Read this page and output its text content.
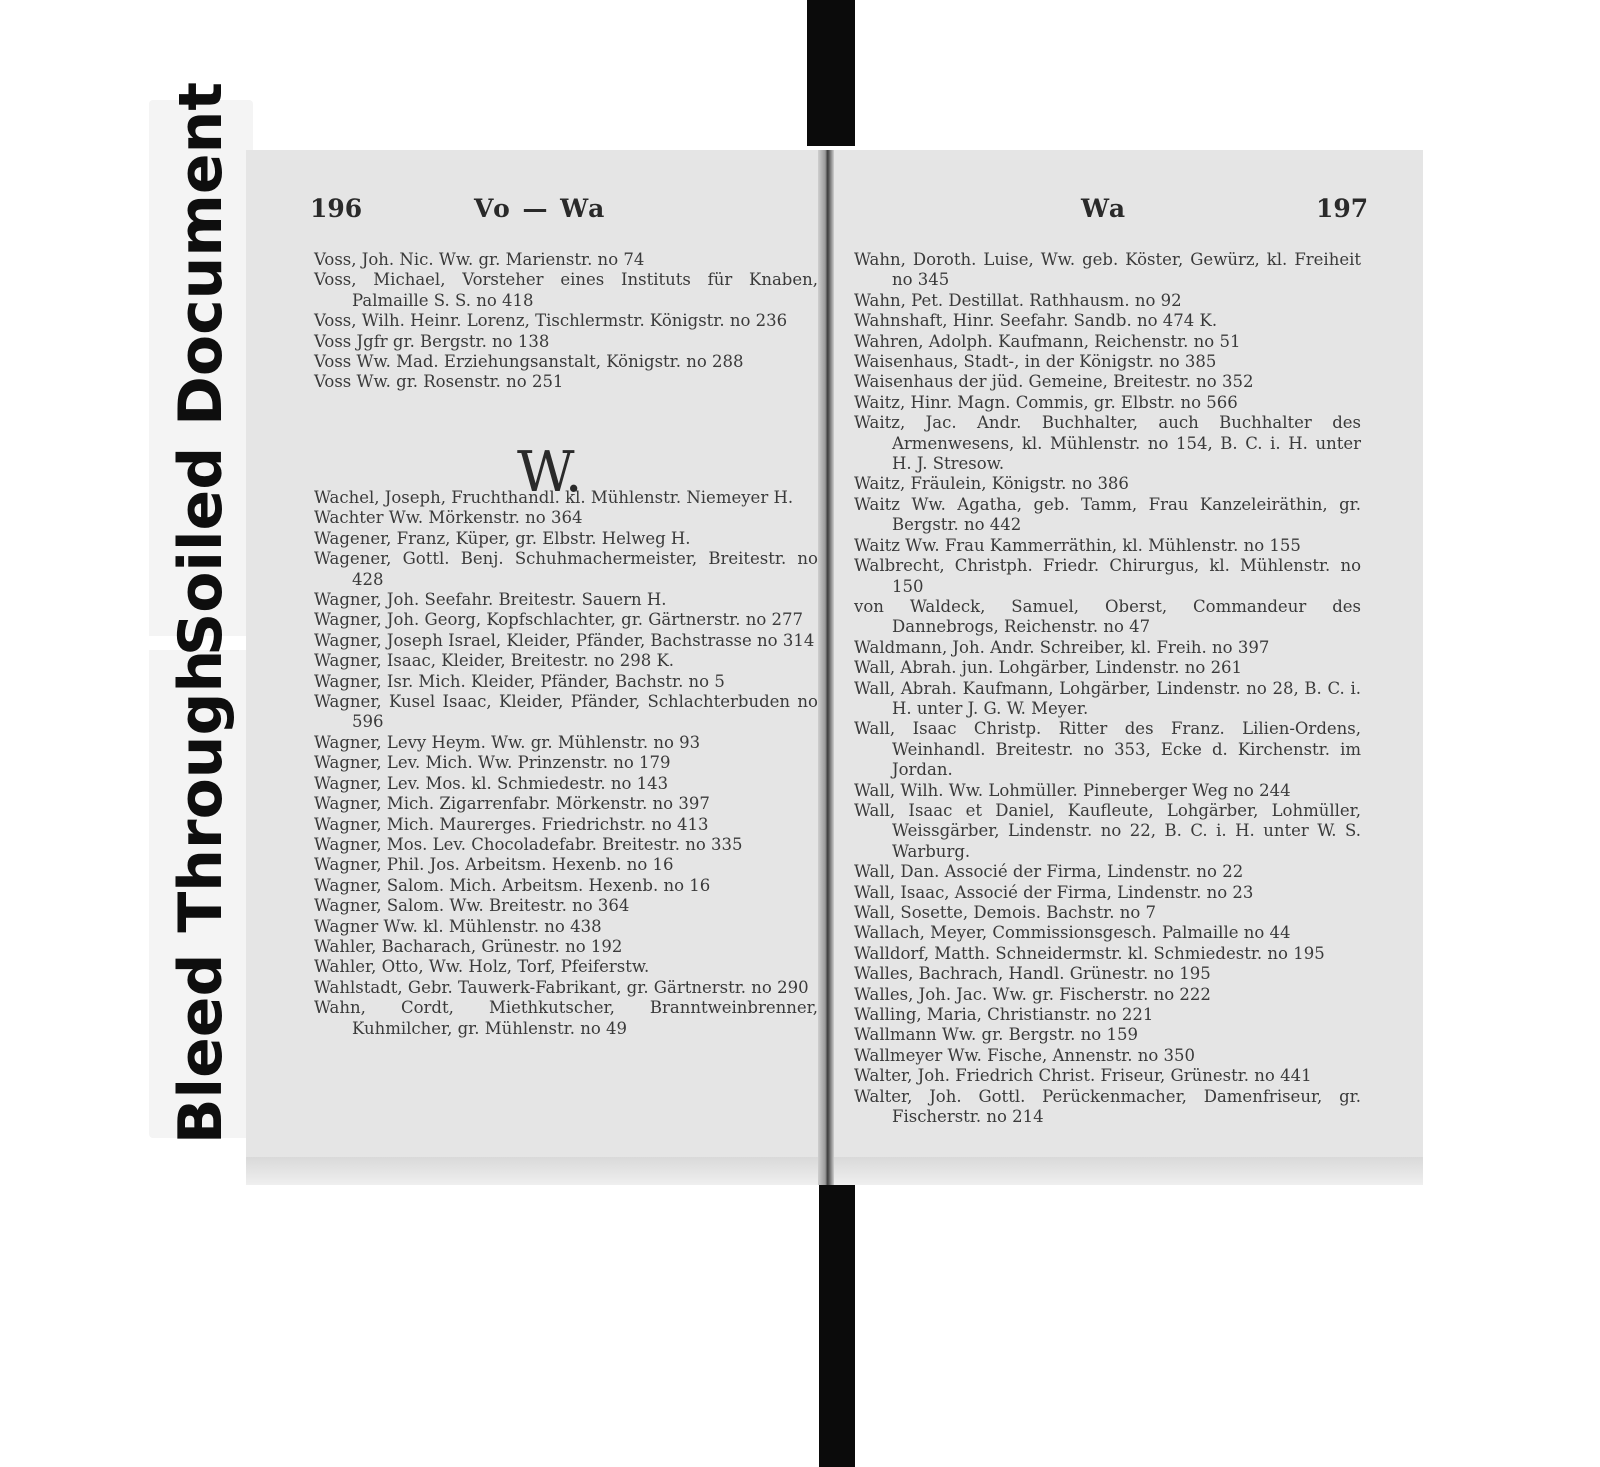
Soiled Document
Bleed Through
196	Vo — Wa

Voss, Joh. Nic. Ww. gr. Marienstr. no 74

Voss, Michael, Vorsteher eines Instituts für Knaben, Palmaille S. S. no 418

Voss, Wilh. Heinr. Lorenz, Tischlermstr. Königstr. no 236

Voss Jgfr gr. Bergstr. no 138

Voss Ww. Mad. Erziehungsanstalt, Königstr. no 288

Voss Ww. gr. Rosenstr. no 251

W.

Wachel, Joseph, Fruchthandl. kl. Mühlenstr. Niemeyer H.

Wachter Ww. Mörkenstr. no 364

Wagener, Franz, Küper, gr. Elbstr. Helweg H.

Wagener, Gottl. Benj. Schuhmachermeister, Breitestr. no 428

Wagner, Joh. Seefahr. Breitestr. Sauern H.

Wagner, Joh. Georg, Kopfschlachter, gr. Gärtnerstr. no 277

Wagner, Joseph Israel, Kleider, Pfänder, Bachstrasse no 314

Wagner, Isaac, Kleider, Breitestr. no 298 K.

Wagner, Isr. Mich. Kleider, Pfänder, Bachstr. no 5

Wagner, Kusel Isaac, Kleider, Pfänder, Schlachterbuden no 596

Wagner, Levy Heym. Ww. gr. Mühlenstr. no 93

Wagner, Lev. Mich. Ww. Prinzenstr. no 179

Wagner, Lev. Mos. kl. Schmiedestr. no 143

Wagner, Mich. Zigarrenfabr. Mörkenstr. no 397

Wagner, Mich. Maurerges. Friedrichstr. no 413

Wagner, Mos. Lev. Chocoladefabr. Breitestr. no 335

Wagner, Phil. Jos. Arbeitsm. Hexenb. no 16

Wagner, Salom. Mich. Arbeitsm. Hexenb. no 16

Wagner, Salom. Ww. Breitestr. no 364

Wagner Ww. kl. Mühlenstr. no 438

Wahler, Bacharach, Grünestr. no 192

Wahler, Otto, Ww. Holz, Torf, Pfeiferstw.

Wahlstadt, Gebr. Tauwerk-Fabrikant, gr. Gärtnerstr. no 290

Wahn, Cordt, Miethkutscher, Branntweinbrenner, Kuhmilcher, gr. Mühlenstr. no 49

Wa	197

Wahn, Doroth. Luise, Ww. geb. Köster, Gewürz, kl. Freiheit no 345

Wahn, Pet. Destillat. Rathhausm. no 92

Wahnshaft, Hinr. Seefahr. Sandb. no 474 K.

Wahren, Adolph. Kaufmann, Reichenstr. no 51

Waisenhaus, Stadt-, in der Königstr. no 385

Waisenhaus der jüd. Gemeine, Breitestr. no 352

Waitz, Hinr. Magn. Commis, gr. Elbstr. no 566

Waitz, Jac. Andr. Buchhalter, auch Buchhalter des Armenwesens, kl. Mühlenstr. no 154, B. C. i. H. unter H. J. Stresow.

Waitz, Fräulein, Königstr. no 386

Waitz Ww. Agatha, geb. Tamm, Frau Kanzeleiräthin, gr. Bergstr. no 442

Waitz Ww. Frau Kammerräthin, kl. Mühlenstr. no 155

Walbrecht, Christph. Friedr. Chirurgus, kl. Mühlenstr. no 150

von Waldeck, Samuel, Oberst, Commandeur des Dannebrogs, Reichenstr. no 47

Waldmann, Joh. Andr. Schreiber, kl. Freih. no 397

Wall, Abrah. jun. Lohgärber, Lindenstr. no 261

Wall, Abrah. Kaufmann, Lohgärber, Lindenstr. no 28, B. C. i. H. unter J. G. W. Meyer.

Wall, Isaac Christp. Ritter des Franz. Lilien-Ordens, Weinhandl. Breitestr. no 353, Ecke d. Kirchenstr. im Jordan.

Wall, Wilh. Ww. Lohmüller. Pinneberger Weg no 244

Wall, Isaac et Daniel, Kaufleute, Lohgärber, Lohmüller, Weissgärber, Lindenstr. no 22, B. C. i. H. unter W. S. Warburg.

Wall, Dan. Associé der Firma, Lindenstr. no 22

Wall, Isaac, Associé der Firma, Lindenstr. no 23

Wall, Sosette, Demois. Bachstr. no 7

Wallach, Meyer, Commissionsgesch. Palmaille no 44

Walldorf, Matth. Schneidermstr. kl. Schmiedestr. no 195

Walles, Bachrach, Handl. Grünestr. no 195

Walles, Joh. Jac. Ww. gr. Fischerstr. no 222

Walling, Maria, Christianstr. no 221

Wallmann Ww. gr. Bergstr. no 159

Wallmeyer Ww. Fische, Annenstr. no 350

Walter, Joh. Friedrich Christ. Friseur, Grünestr. no 441

Walter, Joh. Gottl. Perückenmacher, Damenfriseur, gr. Fischerstr. no 214
